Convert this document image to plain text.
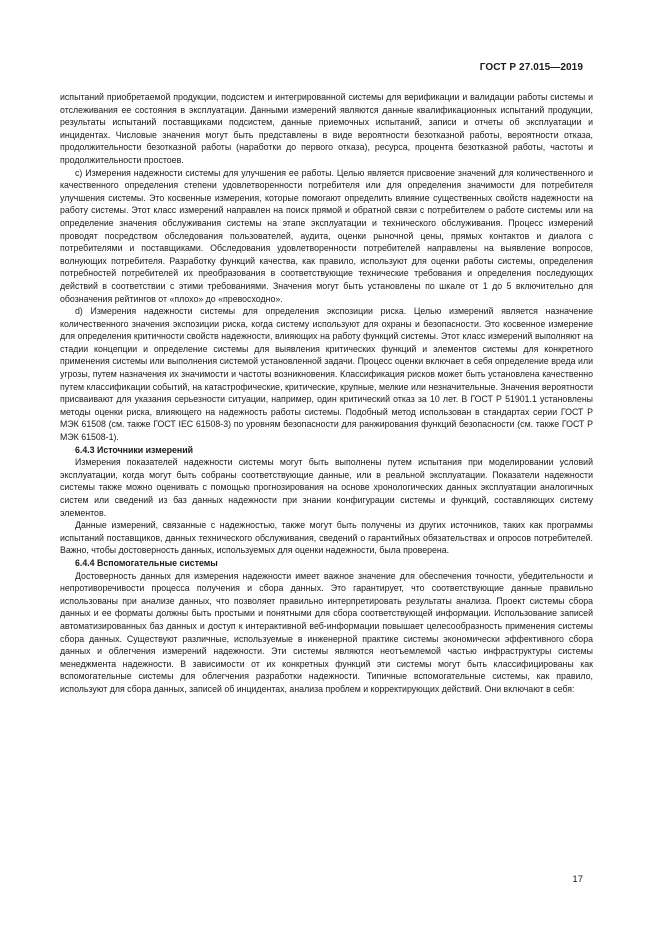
ГОСТ Р 27.015—2019

испытаний приобретаемой продукции, подсистем и интегрированной системы для верификации и валидации работы системы и отслеживания ее состояния в эксплуатации. Данными измерений являются данные квалификационных испытаний продукции, результаты испытаний поставщиками подсистем, данные приемочных испытаний, записи и отчеты об эксплуатации и инцидентах. Числовые значения могут быть представлены в виде вероятности безотказной работы, вероятности отказа, продолжительности безотказной работы (наработки до первого отказа), ресурса, процента безотказной работы, частоты и продолжительности простоев.

c) Измерения надежности системы для улучшения ее работы. Целью является присвоение значений для количественного и качественного определения степени удовлетворенности потребителя или для определения значимости для потребителя улучшения системы. Это косвенные измерения, которые помогают определить влияние существенных свойств надежности на работу системы. Этот класс измерений направлен на поиск прямой и обратной связи с потребителем о работе системы или на определение значения обслуживания системы на этапе эксплуатации и технического обслуживания. Процесс измерений проводят посредством обследования пользователей, аудита, оценки рыночной цены, прямых контактов и диалога с потребителями и поставщиками. Обследования удовлетворенности потребителей направлены на выявление вопросов, волнующих потребителя. Разработку функций качества, как правило, используют для оценки работы системы, определения потребностей потребителей их преобразования в соответствующие технические требования и определения последующих действий в соответствии с этими требованиями. Значения могут быть установлены по шкале от 1 до 5 включительно для обозначения рейтингов от «плохо» до «превосходно».

d) Измерения надежности системы для определения экспозиции риска. Целью измерений является назначение количественного значения экспозиции риска, когда систему используют для охраны и безопасности. Это косвенное измерение для определения критичности свойств надежности, влияющих на работу функций системы. Этот класс измерений выполняют на стадии концепции и определение системы для выявления критических функций и элементов системы для конкретного применения системы или выполнения системой установленной задачи. Процесс оценки включает в себя определение вреда или угрозы, путем назначения их значимости и частоты возникновения. Классификация рисков может быть установлена качественно путем классификации событий, на катастрофические, критические, крупные, мелкие или незначительные. Значения вероятности присваивают для указания серьезности ситуации, например, один критический отказ за 10 лет. В ГОСТ Р 51901.1 установлены методы оценки риска, влияющего на надежность работы системы. Подобный метод использован в стандартах серии ГОСТ Р МЭК 61508 (см. также ГОСТ IEC 61508-3) по уровням безопасности для ранжирования функций безопасности (см. также ГОСТ Р МЭК 61508-1).

6.4.3 Источники измерений

Измерения показателей надежности системы могут быть выполнены путем испытания при моделировании условий эксплуатации, когда могут быть собраны соответствующие данные, или в реальной эксплуатации. Показатели надежности системы также можно оценивать с помощью прогнозирования на основе хронологических данных эксплуатации аналогичных систем или сведений из баз данных надежности при знании конфигурации системы и функций, составляющих систему элементов.

Данные измерений, связанные с надежностью, также могут быть получены из других источников, таких как программы испытаний поставщиков, данных технического обслуживания, сведений о гарантийных обязательствах и опросов потребителей. Важно, чтобы достоверность данных, используемых для оценки надежности, была проверена.

6.4.4 Вспомогательные системы

Достоверность данных для измерения надежности имеет важное значение для обеспечения точности, убедительности и непротиворечивости процесса получения и сбора данных. Это гарантирует, что соответствующие данные правильно использованы при анализе данных, что позволяет правильно интерпретировать результаты анализа. Проект системы сбора данных и ее форматы должны быть простыми и понятными для сбора соответствующей информации. Использование записей автоматизированных баз данных и доступ к интерактивной веб-информации повышает целесообразность применения системы сбора данных. Существуют различные, используемые в инженерной практике системы экономически эффективного сбора данных и облегчения измерений надежности. Эти системы являются неотъемлемой частью инфраструктуры системы менеджмента надежности. В зависимости от их конкретных функций эти системы могут быть классифицированы как вспомогательные системы для облегчения разработки надежности. Типичные вспомогательные системы, как правило, используют для сбора данных, записей об инцидентах, анализа проблем и корректирующих действий. Они включают в себя:

17
